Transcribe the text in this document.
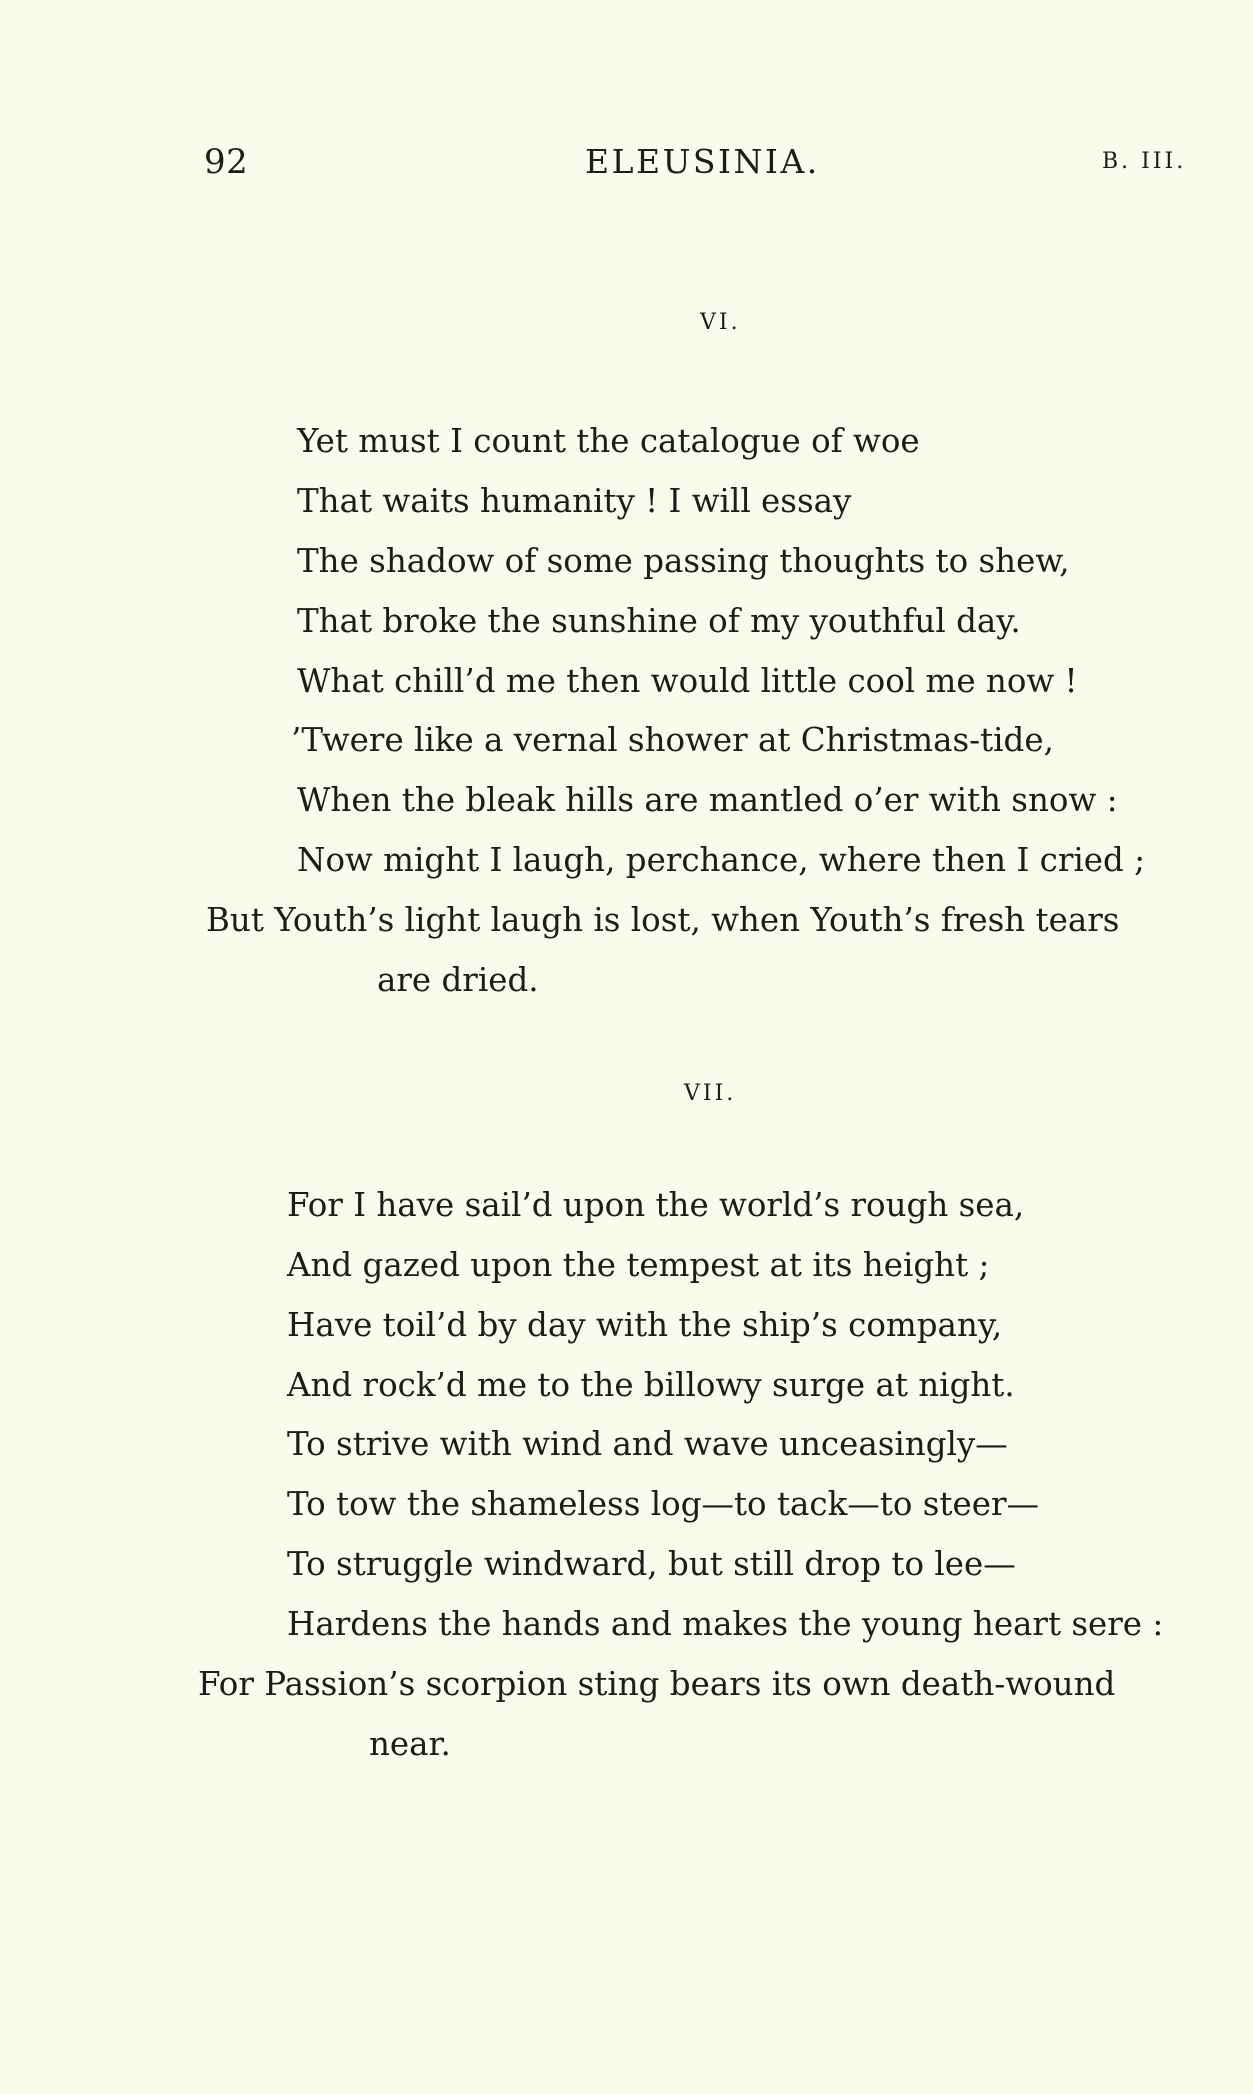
92	ELEUSINIA.	B. III.
VI.
Yet must I count the catalogue of woe
That waits humanity ! I will essay
The shadow of some passing thoughts to shew,
That broke the sunshine of my youthful day.
What chill’d me then would little cool me now !
’Twere like a vernal shower at Christmas-tide,
When the bleak hills are mantled o’er with snow :
Now might I laugh, perchance, where then I cried ;
But Youth’s light laugh is lost, when Youth’s fresh tears
are dried.
VII.
For I have sail’d upon the world’s rough sea,
And gazed upon the tempest at its height ;
Have toil’d by day with the ship’s company,
And rock’d me to the billowy surge at night.
To strive with wind and wave unceasingly—
To tow the shameless log—to tack—to steer—
To struggle windward, but still drop to lee—
Hardens the hands and makes the young heart sere :
For Passion’s scorpion sting bears its own death-wound
near.
